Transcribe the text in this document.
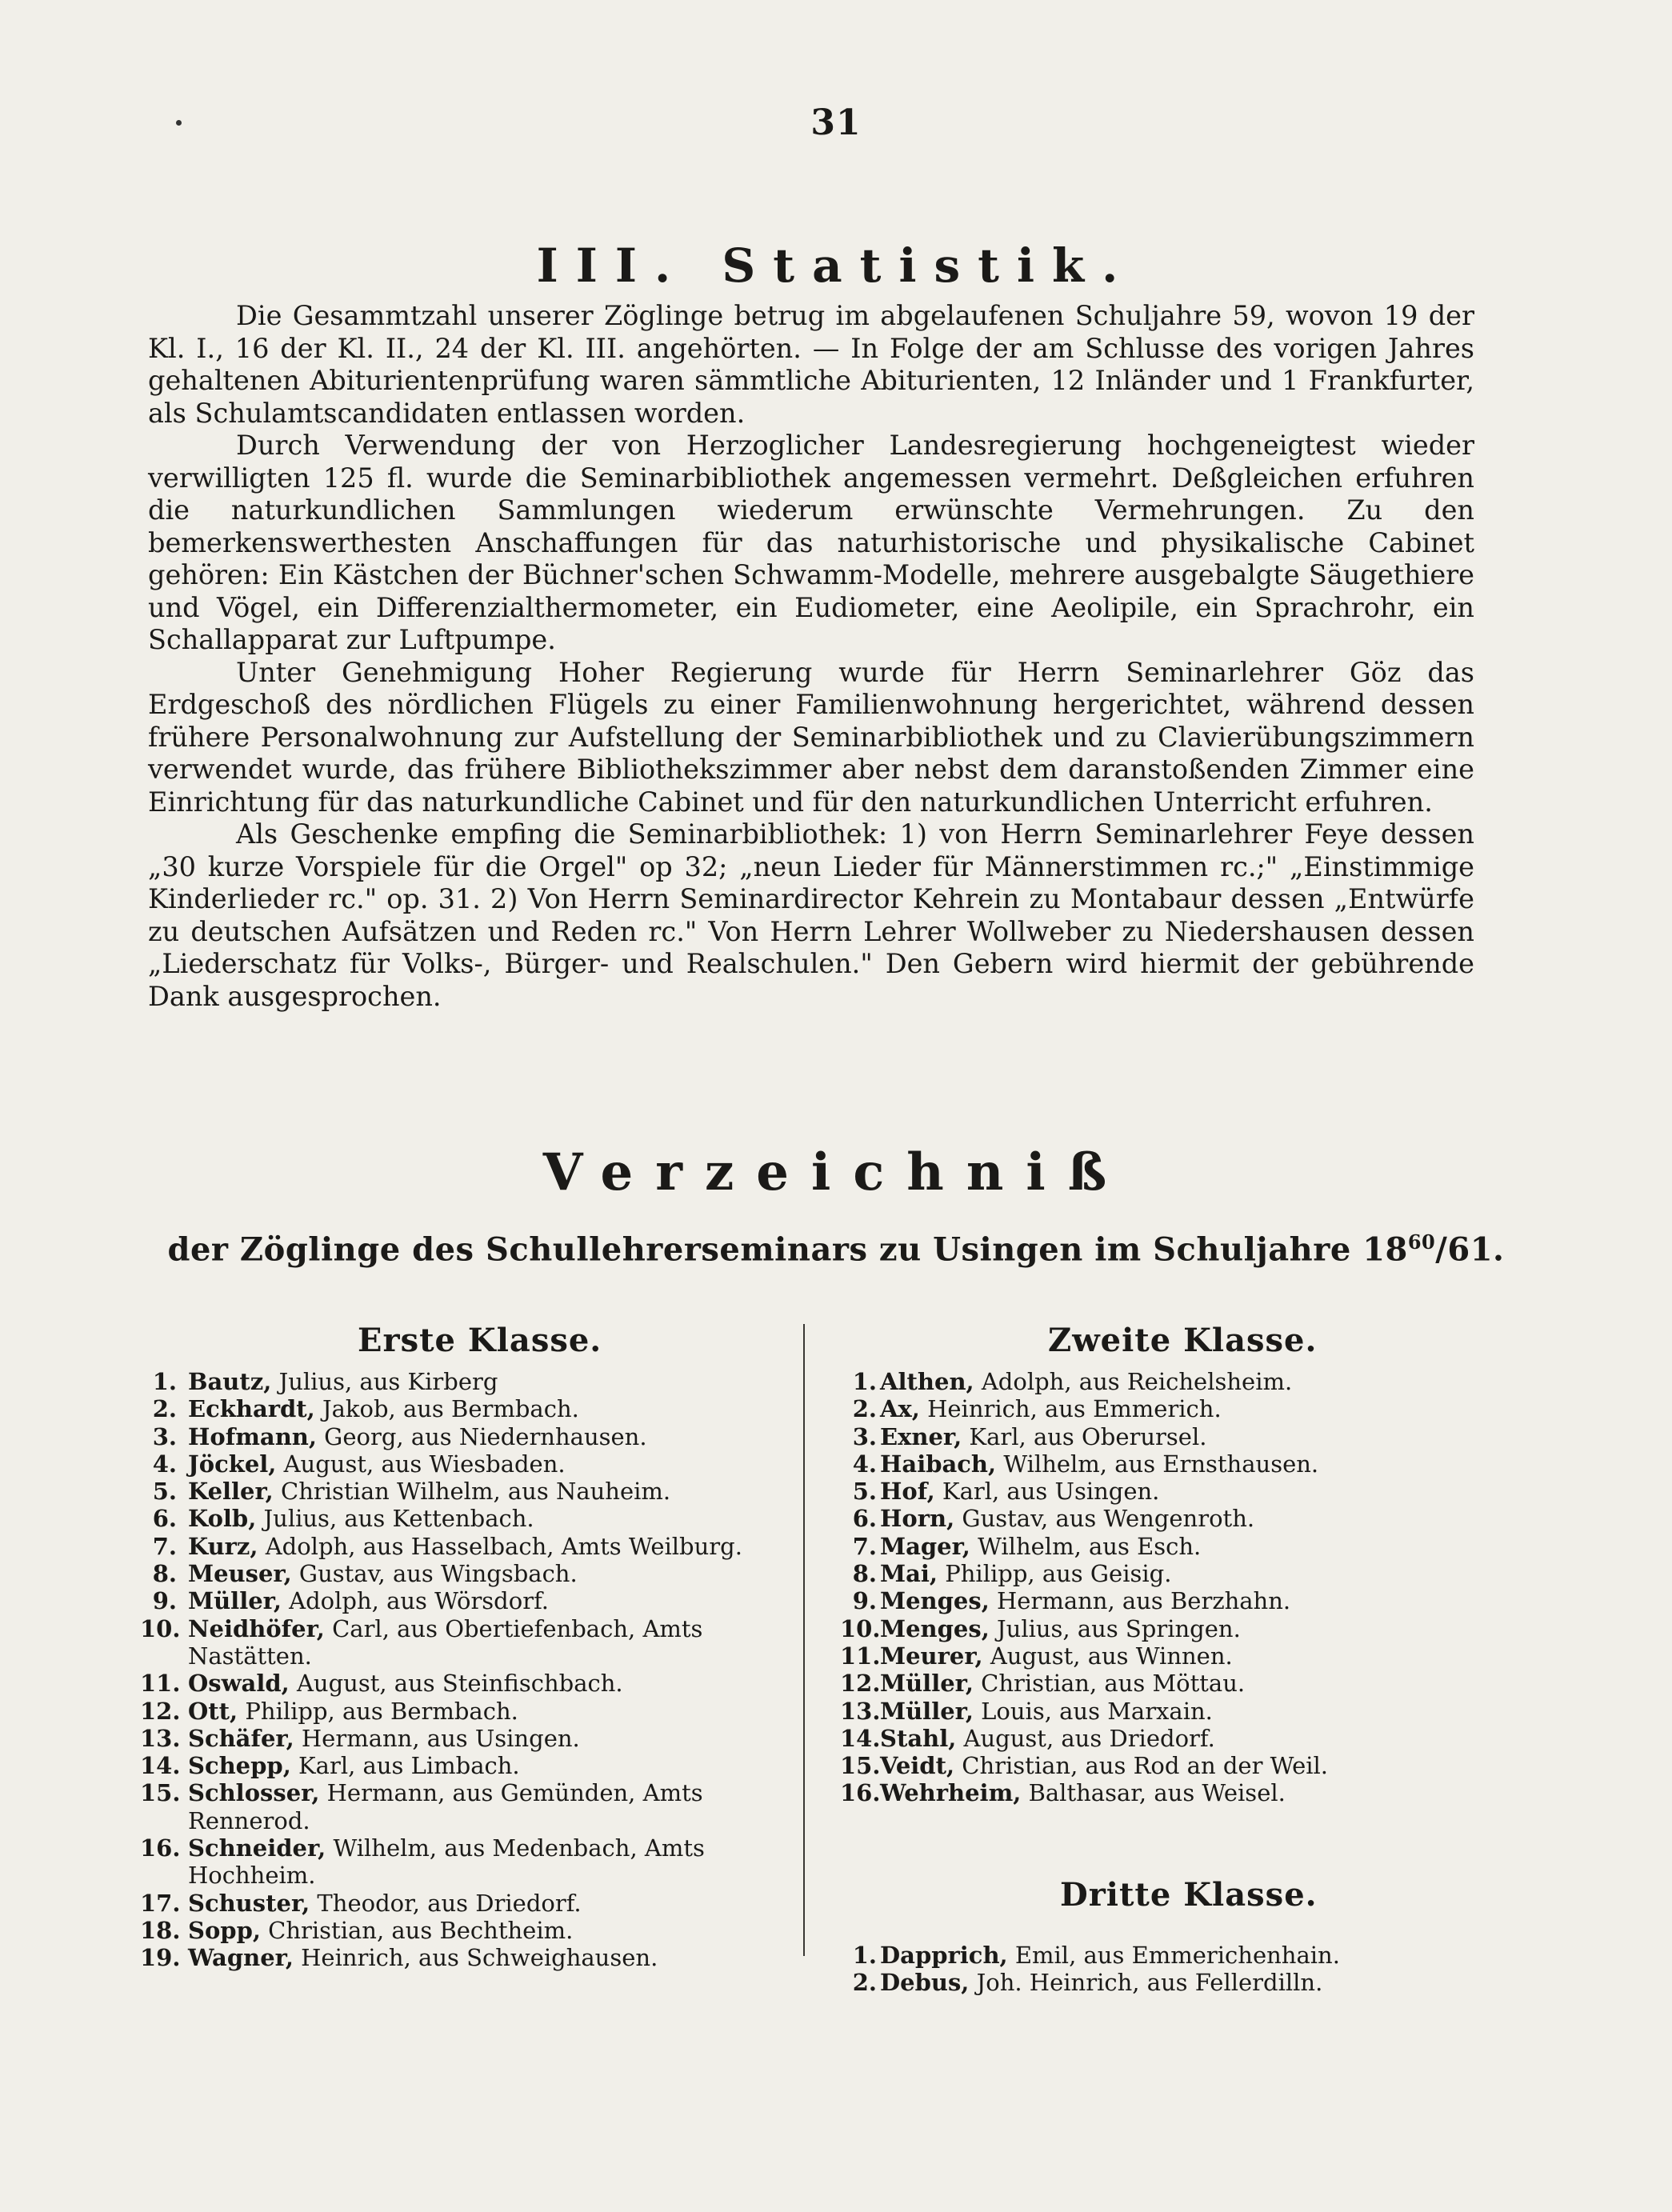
31
III. Statistik.

Die Gesammtzahl unserer Zöglinge betrug im abgelaufenen Schuljahre 59, wovon 19 der Kl. I., 16 der Kl. II., 24 der Kl. III. angehörten. — In Folge der am Schlusse des vorigen Jahres gehaltenen Abiturientenprüfung waren sämmtliche Abiturienten, 12 Inländer und 1 Frankfurter, als Schulamtscandidaten entlassen worden.

Durch Verwendung der von Herzoglicher Landesregierung hochgeneigtest wieder verwilligten 125 fl. wurde die Seminarbibliothek angemessen vermehrt. Deßgleichen erfuhren die naturkundlichen Sammlungen wiederum erwünschte Vermehrungen. Zu den bemerkenswerthesten Anschaffungen für das naturhistorische und physikalische Cabinet gehören: Ein Kästchen der Büchner'schen Schwamm-Modelle, mehrere ausgebalgte Säugethiere und Vögel, ein Differenzialthermometer, ein Eudiometer, eine Aeolipile, ein Sprachrohr, ein Schallapparat zur Luftpumpe.

Unter Genehmigung Hoher Regierung wurde für Herrn Seminarlehrer Göz das Erdgeschoß des nördlichen Flügels zu einer Familienwohnung hergerichtet, während dessen frühere Personalwohnung zur Aufstellung der Seminarbibliothek und zu Clavierübungszimmern verwendet wurde, das frühere Bibliothekszimmer aber nebst dem daranstoßenden Zimmer eine Einrichtung für das naturkundliche Cabinet und für den naturkundlichen Unterricht erfuhren.

Als Geschenke empfing die Seminarbibliothek: 1) von Herrn Seminarlehrer Feye dessen „30 kurze Vorspiele für die Orgel" op 32; „neun Lieder für Männerstimmen rc.;" „Einstimmige Kinderlieder rc." op. 31. 2) Von Herrn Seminardirector Kehrein zu Montabaur dessen „Entwürfe zu deutschen Aufsätzen und Reden rc." Von Herrn Lehrer Wollweber zu Niedershausen dessen „Liederschatz für Volks-, Bürger- und Realschulen." Den Gebern wird hiermit der gebührende Dank ausgesprochen.

Verzeichniß
der Zöglinge des Schullehrerseminars zu Usingen im Schuljahre $18^{60}/61$.
Erste Klasse.	Zweite Klasse.
1. Bautz, Julius, aus Kirberg
2. Eckhardt, Jakob, aus Bermbach.
3. Hofmann, Georg, aus Niedernhausen.
4. Jöckel, August, aus Wiesbaden.
5. Keller, Christian Wilhelm, aus Nauheim.
6. Kolb, Julius, aus Kettenbach.
7. Kurz, Adolph, aus Hasselbach, Amts Weilburg.
8. Meuser, Gustav, aus Wingsbach.
9. Müller, Adolph, aus Wörsdorf.
10. Neidhöfer, Carl, aus Obertiefenbach, Amts Nastätten.
11. Oswald, August, aus Steinfischbach.
12. Ott, Philipp, aus Bermbach.
13. Schäfer, Hermann, aus Usingen.
14. Schepp, Karl, aus Limbach.
15. Schlosser, Hermann, aus Gemünden, Amts Rennerod.
16. Schneider, Wilhelm, aus Medenbach, Amts Hochheim.
17. Schuster, Theodor, aus Driedorf.
18. Sopp, Christian, aus Bechtheim.
19. Wagner, Heinrich, aus Schweighausen.
1. Althen, Adolph, aus Reichelsheim.
2. Ax, Heinrich, aus Emmerich.
3. Exner, Karl, aus Oberursel.
4. Haibach, Wilhelm, aus Ernsthausen.
5. Hof, Karl, aus Usingen.
6. Horn, Gustav, aus Wengenroth.
7. Mager, Wilhelm, aus Esch.
8. Mai, Philipp, aus Geisig.
9. Menges, Hermann, aus Berzhahn.
10. Menges, Julius, aus Springen.
11. Meurer, August, aus Winnen.
12. Müller, Christian, aus Möttau.
13. Müller, Louis, aus Marxain.
14. Stahl, August, aus Driedorf.
15. Veidt, Christian, aus Rod an der Weil.
16. Wehrheim, Balthasar, aus Weisel.
Dritte Klasse.
1. Dapprich, Emil, aus Emmerichenhain.
2. Debus, Joh. Heinrich, aus Fellerdilln.
